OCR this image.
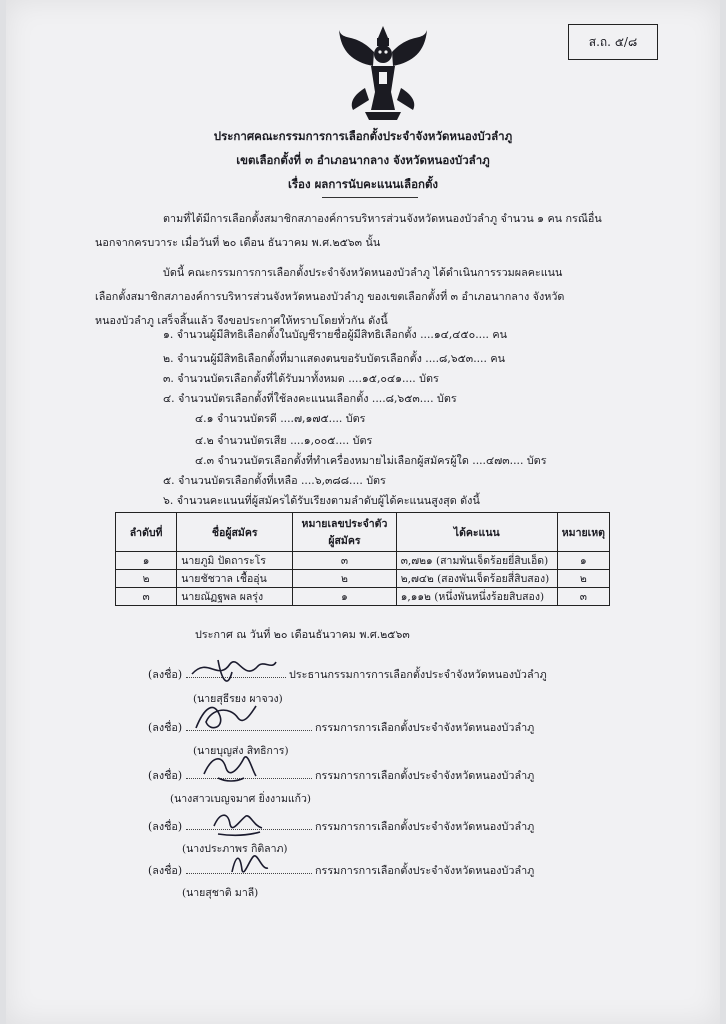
ส.ถ. ๕/๘
ประกาศคณะกรรมการการเลือกตั้งประจำจังหวัดหนองบัวลำภู
เขตเลือกตั้งที่ ๓ อำเภอนากลาง จังหวัดหนองบัวลำภู
เรื่อง ผลการนับคะแนนเลือกตั้ง
ตามที่ได้มีการเลือกตั้งสมาชิกสภาองค์การบริหารส่วนจังหวัดหนองบัวลำภู จำนวน ๑ คน กรณีอื่น
นอกจากครบวาระ เมื่อวันที่ ๒๐ เดือน ธันวาคม พ.ศ.๒๕๖๓ นั้น
บัดนี้ คณะกรรมการการเลือกตั้งประจำจังหวัดหนองบัวลำภู ได้ดำเนินการรวมผลคะแนน
เลือกตั้งสมาชิกสภาองค์การบริหารส่วนจังหวัดหนองบัวลำภู ของเขตเลือกตั้งที่ ๓ อำเภอนากลาง จังหวัด
หนองบัวลำภู เสร็จสิ้นแล้ว จึงขอประกาศให้ทราบโดยทั่วกัน ดังนี้
๑. จำนวนผู้มีสิทธิเลือกตั้งในบัญชีรายชื่อผู้มีสิทธิเลือกตั้ง ....๑๔,๔๕๐.... คน
๒. จำนวนผู้มีสิทธิเลือกตั้งที่มาแสดงตนขอรับบัตรเลือกตั้ง ....๘,๖๕๓.... คน
๓. จำนวนบัตรเลือกตั้งที่ได้รับมาทั้งหมด ....๑๕,๐๔๑.... บัตร
๔. จำนวนบัตรเลือกตั้งที่ใช้ลงคะแนนเลือกตั้ง ....๘,๖๕๓.... บัตร
๔.๑ จำนวนบัตรดี ....๗,๑๗๕.... บัตร
๔.๒ จำนวนบัตรเสีย ....๑,๐๐๕.... บัตร
๔.๓ จำนวนบัตรเลือกตั้งที่ทำเครื่องหมายไม่เลือกผู้สมัครผู้ใด ....๔๗๓.... บัตร
๕. จำนวนบัตรเลือกตั้งที่เหลือ ....๖,๓๘๘.... บัตร
๖. จำนวนคะแนนที่ผู้สมัครได้รับเรียงตามลำดับผู้ได้คะแนนสูงสุด ดังนี้
ลำดับที่	ชื่อผู้สมัคร	หมายเลขประจำตัว ผู้สมัคร	ได้คะแนน	หมายเหตุ
๑	นายภูมิ ปัดถาระโร	๓	๓,๗๒๑ (สามพันเจ็ดร้อยยี่สิบเอ็ด)	๑
๒	นายชัชวาล เชื้ออุ่น	๒	๒,๗๔๒ (สองพันเจ็ดร้อยสี่สิบสอง)	๒
๓	นายณัฏฐพล ผลรุ่ง	๑	๑,๑๑๒ (หนึ่งพันหนึ่งร้อยสิบสอง)	๓
ประกาศ ณ วันที่ ๒๐ เดือนธันวาคม พ.ศ.๒๕๖๓
(ลงชื่อ)	ประธานกรรมการการเลือกตั้งประจำจังหวัดหนองบัวลำภู
(นายสุธีรยง ผาจวง)
(ลงชื่อ)	กรรมการการเลือกตั้งประจำจังหวัดหนองบัวลำภู
(นายบุญส่ง สิทธิการ)
(ลงชื่อ)	กรรมการการเลือกตั้งประจำจังหวัดหนองบัวลำภู
(นางสาวเบญจมาศ ยิ่งงามแก้ว)
(ลงชื่อ)	กรรมการการเลือกตั้งประจำจังหวัดหนองบัวลำภู
(นางประภาพร กิติลาภ)
(ลงชื่อ)	กรรมการการเลือกตั้งประจำจังหวัดหนองบัวลำภู
(นายสุชาติ มาลี)
